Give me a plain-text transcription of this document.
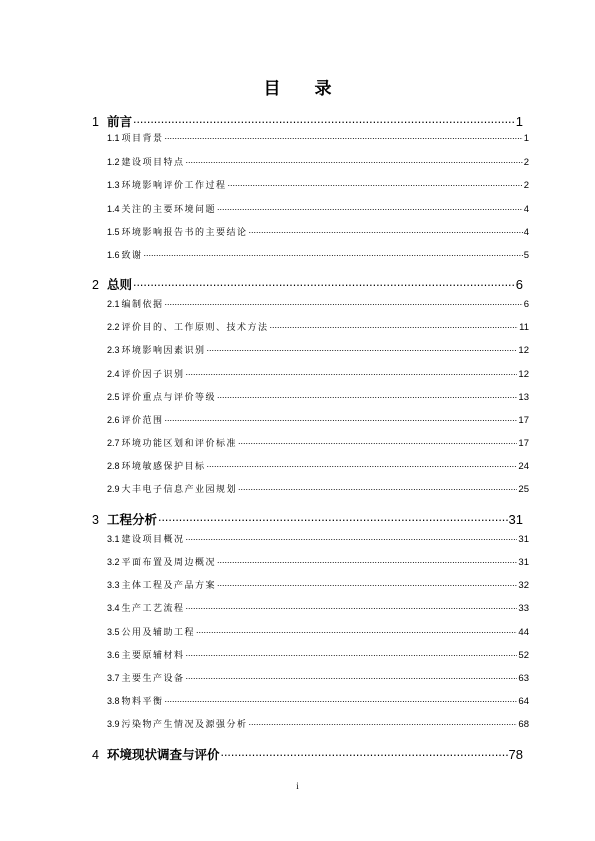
目 录
1 前言 .....	1
1.1 项目背景 .....	1
1.2 建设项目特点 .....	2
1.3 环境影响评价工作过程 .....	2
1.4 关注的主要环境问题 .....	4
1.5 环境影响报告书的主要结论 .....	4
1.6 致谢 .....	5
2 总则 .....	6
2.1 编制依据 .....	6
2.2 评价目的、工作原则、技术方法 .....	11
2.3 环境影响因素识别 .....	12
2.4 评价因子识别 .....	12
2.5 评价重点与评价等级 .....	13
2.6 评价范围 .....	17
2.7 环境功能区划和评价标准 .....	17
2.8 环境敏感保护目标 .....	24
2.9 大丰电子信息产业园规划 .....	25
3 工程分析 .....	31
3.1 建设项目概况 .....	31
3.2 平面布置及周边概况 .....	31
3.3 主体工程及产品方案 .....	32
3.4 生产工艺流程 .....	33
3.5 公用及辅助工程 .....	44
3.6 主要原辅材料 .....	52
3.7 主要生产设备 .....	63
3.8 物料平衡 .....	64
3.9 污染物产生情况及源强分析 .....	68
4 环境现状调查与评价 .....	78
i
